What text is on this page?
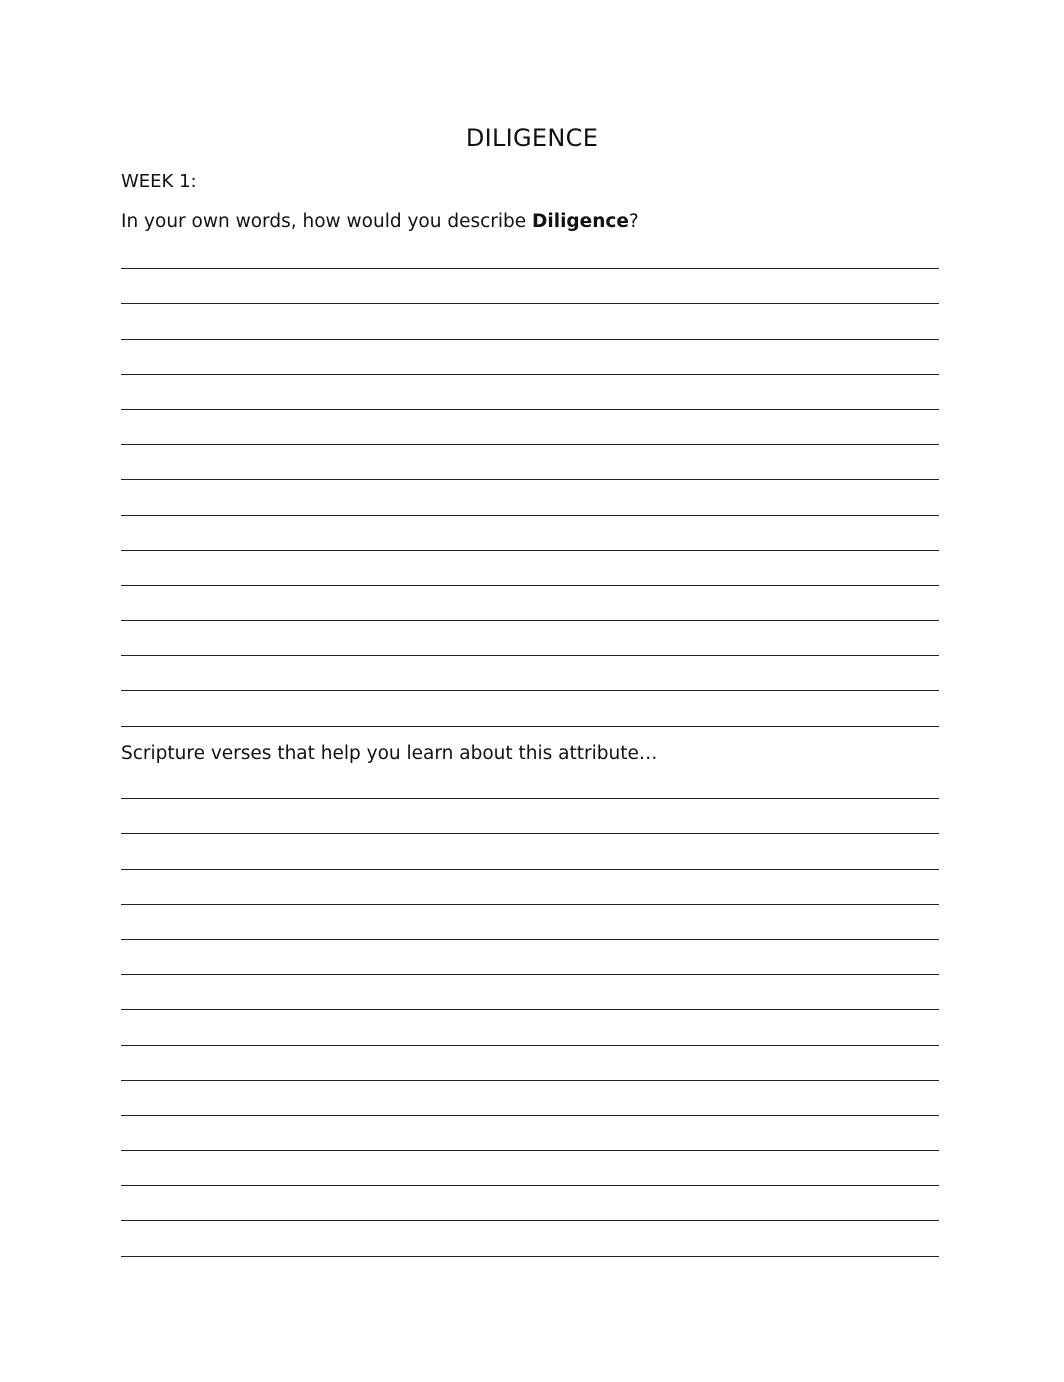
DILIGENCE
WEEK 1:

In your own words, how would you describe Diligence?

Scripture verses that help you learn about this attribute…
